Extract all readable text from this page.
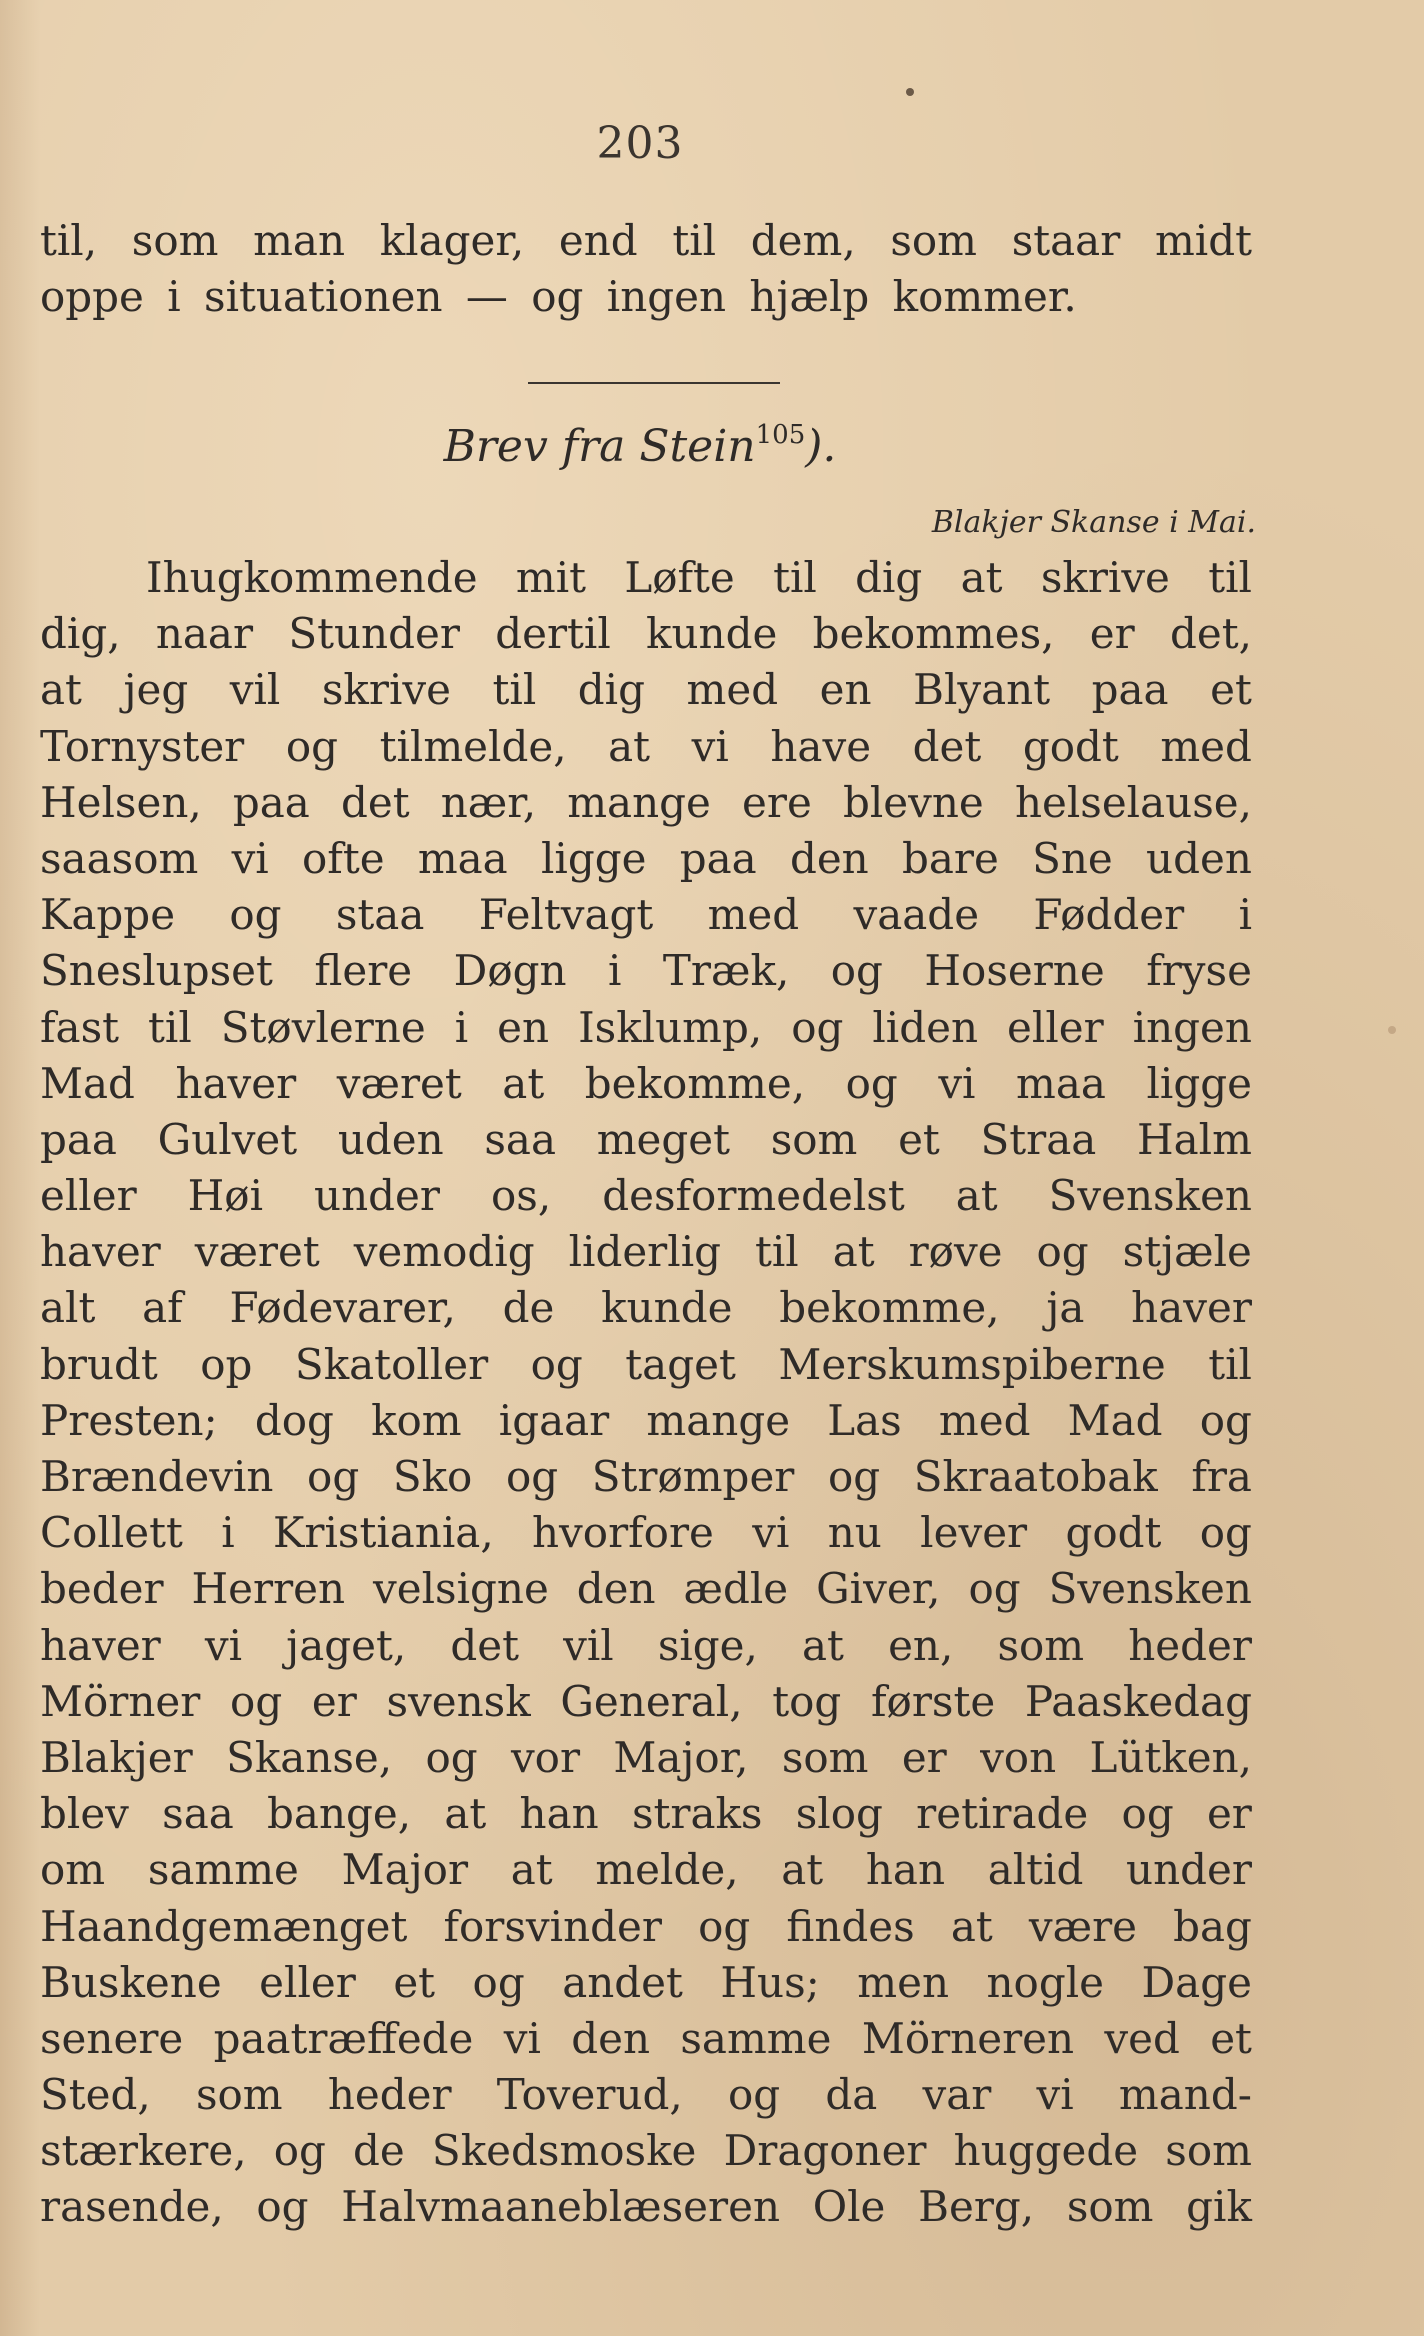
203
til, som man klager, end til dem, som staar midt
oppe i situationen — og ingen hjælp kommer.
Brev fra Stein$^{105}$).
Blakjer Skanse i Mai.
Ihugkommende mit Løfte til dig at skrive til
dig, naar Stunder dertil kunde bekommes, er det,
at jeg vil skrive til dig med en Blyant paa et
Tornyster og tilmelde, at vi have det godt med
Helsen, paa det nær, mange ere blevne helselause,
saasom vi ofte maa ligge paa den bare Sne uden
Kappe og staa Feltvagt med vaade Fødder i
Sneslupset flere Døgn i Træk, og Hoserne fryse
fast til Støvlerne i en Isklump, og liden eller ingen
Mad haver været at bekomme, og vi maa ligge
paa Gulvet uden saa meget som et Straa Halm
eller Høi under os, desformedelst at Svensken
haver været vemodig liderlig til at røve og stjæle
alt af Fødevarer, de kunde bekomme, ja haver
brudt op Skatoller og taget Merskumspiberne til
Presten; dog kom igaar mange Las med Mad og
Brændevin og Sko og Strømper og Skraatobak fra
Collett i Kristiania, hvorfore vi nu lever godt og
beder Herren velsigne den ædle Giver, og Svensken
haver vi jaget, det vil sige, at en, som heder
Mörner og er svensk General, tog første Paaskedag
Blakjer Skanse, og vor Major, som er von Lütken,
blev saa bange, at han straks slog retirade og er
om samme Major at melde, at han altid under
Haandgemænget forsvinder og findes at være bag
Buskene eller et og andet Hus; men nogle Dage
senere paatræffede vi den samme Mörneren ved et
Sted, som heder Toverud, og da var vi mand-
stærkere, og de Skedsmoske Dragoner huggede som
rasende, og Halvmaaneblæseren Ole Berg, som gik
